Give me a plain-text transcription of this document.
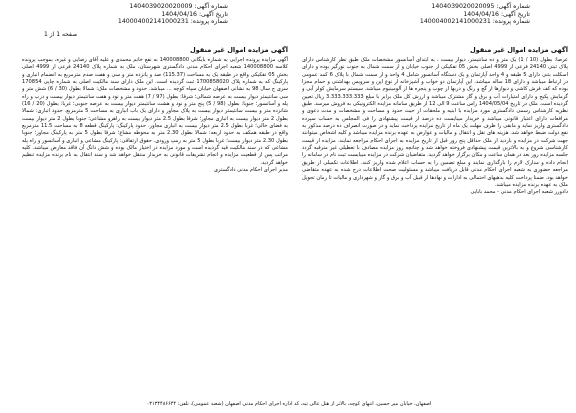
شماره آگهی: 1404039020020009
تاریخ آگهی: 1404/04/16
شماره پرونده: 140004002141000231
شماره آگهی: 1404039020020095
تاریخ آگهی: 1404/04/16
شماره پرونده: 140004002141000231
صفحه 1 از 1
آگهی مزایده اموال غیر منقول

عرصا: بطول (10 / 1) یک متر و ده سانتیمتر، دیوار بیست ، به ابتدای آسانسور مشخصات ملک طبق نظر کارشناس دارای پلاک ثبتی 24140 فرعی از 4999 اصلی بخش 05 تفکیکی از جنوب خیابان و از سمت شمال به جنوب نورگیر بوده و دارای اسکلت بتنی دارای 5 طبقه و 4 واحد آپارتمان و یک دستگاه آسانسور شامل 4 واحد و از سمت شمال با پلاک 6 کمد عمومی در ارتباط میباشد و دارای 18 ساله میباشد. این آپارتمان دو خواب و آشپزخانه از نوع اپن و سرویس بهداشتی و حمام مجزا بوده که کف فرش کاشی و دیوارها از گچ و رنگ و دربها از چوب و پنجره ها از آلومینیوم میباشد. سیستم سرمایش کولر آبی و گرمایش پکیج و دارای امتیازات آب و برق و گاز مشترک میباشد و ارزش کل ملک برابر با مبلغ 3.333.333.333 ریال تعیین گردیده است. ملک در تاریخ 1404/05/04 راس ساعت 9 الی 12 از طریق سامانه مزایده الکترونیکی به فروش میرسد. طبق نظریه کارشناس رسمی دادگستری مورد مزایده با ابنیه و ملحقات از حیث حدود و مساحت و مشخصات و مدت دعوی و مرافعات دارای اعتبار قانونی میباشد و خریدار میبایست ده درصد از قیمت پیشنهادی را فی المجلس به حساب سپرده دادگستری واریز نماید و مابقی را ظرف مهلت یک ماه از تاریخ مزایده پرداخت نماید و در صورت انصراف ده درصد مذکور به نفع دولت ضبط خواهد شد. هزینه های نقل و انتقال و مالیات و عوارض به عهده برنده مزایده میباشد و کلیه اشخاص میتوانند جهت شرکت در مزایده و بازدید از ملک حداقل پنج روز قبل از تاریخ مزایده به اجرای احکام مراجعه نمایند. مزایده از قیمت کارشناسی شروع و به بالاترین قیمت پیشنهادی فروخته خواهد شد و چنانچه روز مزایده مصادف با تعطیلی غیر مترقبه گردد جلسه مزایده روز بعد در همان ساعت و مکان برگزار خواهد گردید. متقاضیان شرکت در مزایده میبایست ثبت نام در سامانه را انجام داده و مدارک لازم را بارگذاری نمایند و مبلغ تضمین را به حساب اعلام شده واریز کنند. اطلاعات تکمیلی از طریق مراجعه حضوری به شعبه اجرای احکام مدنی قابل دریافت میباشد و مسئولیت صحت اطلاعات درج شده به عهده متقاضی خواهد بود. ضمنا پرداخت کلیه بدهیهای احتمالی به ادارات و نهادها از قبیل آب و برق و گاز و شهرداری و مالیات تا زمان تحویل ملک به عهده برنده مزایده میباشد.

دادورز شعبه اجرای احکام مدنی - محمد بابایی

آگهی مزایده اموال غیر منقول

آگهی مزایده پرونده اجرایی به شماره بایگانی 140008800 به نفع خانم محمدی و علیه آقای رضایی و غیره، بموجب پرونده کلاسه 140008800 شعبه اجرای احکام مدنی دادگستری شهرستان، ملک به شماره پلاک 24140 فرعی از 4999 اصلی بخش 05 تفکیکی واقع در طبقه یک به مساحت (115.37) صد و پانزده متر و سی و هفت صدم مترمربع به انضمام انباری و پارکینگ که به شماره پلاک 1700858020 ثبت گردیده است. این ملک دارای سند مالکیت اصلی به شماره چاپی 170854 سری ج سال 98 به نشانی اصفهان خیابان سپاه کوچه ... میباشد. حدود و مشخصات ملک: شمالا بطول (30 / 6) شش متر و سی سانتیمتر دیوار بیست به عرصه شمالی؛ شرقا: بطول (97 / 7) هفت متر و نود و هفت سانتیمتر دیوار بیست و درب و راه پله و آسانسور؛ جنوبا: بطول (98 / 5) پنج متر و نود و هشت سانتیمتر دیوار بیست به عرصه جنوبی؛ غربا: بطول (20 / 16) شانزده متر و بیست سانتیمتر دیوار بیست به پلاک مجاور و دارای یک باب انباری به مساحت 5 مترمربع. حدود انباری: شمالا بطول 2 متر دیوار بیست به انباری مجاور؛ شرقا بطول 2.5 متر دیوار بیست به راهرو مشاعی؛ جنوبا بطول 2 متر دیوار بیست به فضای خالی؛ غربا بطول 2.5 متر دیوار بیست به انباری مجاور. حدود پارکینگ: پارکینگ قطعه 8 به مساحت 11.5 مترمربع واقع در طبقه همکف به حدود اربعه: شمالا بطول 2.30 متر به محوطه مشاع؛ شرقا بطول 5 متر به پارکینگ مجاور؛ جنوبا بطول 2.30 متر دیوار بیست؛ غربا بطول 5 متر به رمپ ورودی. حقوق ارتفاقی: پارکینگ مشاعی و انباری و آسانسور و راه پله مشاعی که در سند مالکیت قید گردیده است و مورد مزایده در اختیار مالک بوده و شش دانگ آن فاقد معارض میباشد. کلیه مراتب پس از قطعیت مزایده و انجام تشریفات قانونی به خریدار منتقل خواهد شد و سند انتقال به نام برنده مزایده تنظیم خواهد گردید.

مدیر اجرای احکام مدنی دادگستری

اصفهان، خیابان میر حسین، انتهای کوچه، بالاتر از هتل عالی تپه، کد اداره اجرای احکام مدنی اصفهان (شعبه عمومی)، تلفن: ۰۳۱۳۴۴۸۶۶۴۴
